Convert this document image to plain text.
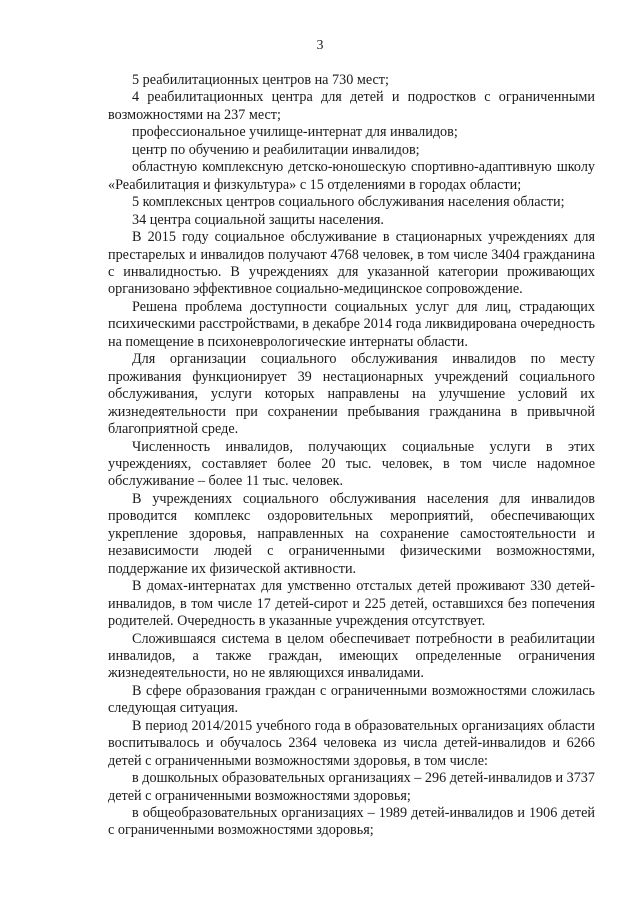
3

5 реабилитационных центров на 730 мест;

4 реабилитационных центра для детей и подростков с ограниченными возможностями на 237 мест;

профессиональное училище-интернат для инвалидов;

центр по обучению и реабилитации инвалидов;

областную комплексную детско-юношескую спортивно-адаптивную школу «Реабилитация и физкультура» с 15 отделениями в городах области;

5 комплексных центров социального обслуживания населения области;

34 центра социальной защиты населения.

В 2015 году социальное обслуживание в стационарных учреждениях для престарелых и инвалидов получают 4768 человек, в том числе 3404 гражданина с инвалидностью. В учреждениях для указанной категории проживающих организовано эффективное социально-медицинское сопровождение.

Решена проблема доступности социальных услуг для лиц, страдающих психическими расстройствами, в декабре 2014 года ликвидирована очередность на помещение в психоневрологические интернаты области.

Для организации социального обслуживания инвалидов по месту проживания функционирует 39 нестационарных учреждений социального обслуживания, услуги которых направлены на улучшение условий их жизнедеятельности при сохранении пребывания гражданина в привычной благоприятной среде.

Численность инвалидов, получающих социальные услуги в этих учреждениях, составляет более 20 тыс. человек, в том числе надомное обслуживание – более 11 тыс. человек.

В учреждениях социального обслуживания населения для инвалидов проводится комплекс оздоровительных мероприятий, обеспечивающих укрепление здоровья, направленных на сохранение самостоятельности и независимости людей с ограниченными физическими возможностями, поддержание их физической активности.

В домах-интернатах для умственно отсталых детей проживают 330 детей-инвалидов, в том числе 17 детей-сирот и 225 детей, оставшихся без попечения родителей. Очередность в указанные учреждения отсутствует.

Сложившаяся система в целом обеспечивает потребности в реабилитации инвалидов, а также граждан, имеющих определенные ограничения жизнедеятельности, но не являющихся инвалидами.

В сфере образования граждан с ограниченными возможностями сложилась следующая ситуация.

В период 2014/2015 учебного года в образовательных организациях области воспитывалось и обучалось 2364 человека из числа детей-инвалидов и 6266 детей с ограниченными возможностями здоровья, в том числе:

в дошкольных образовательных организациях – 296 детей-инвалидов и 3737 детей с ограниченными возможностями здоровья;

в общеобразовательных организациях – 1989 детей-инвалидов и 1906 детей с ограниченными возможностями здоровья;
